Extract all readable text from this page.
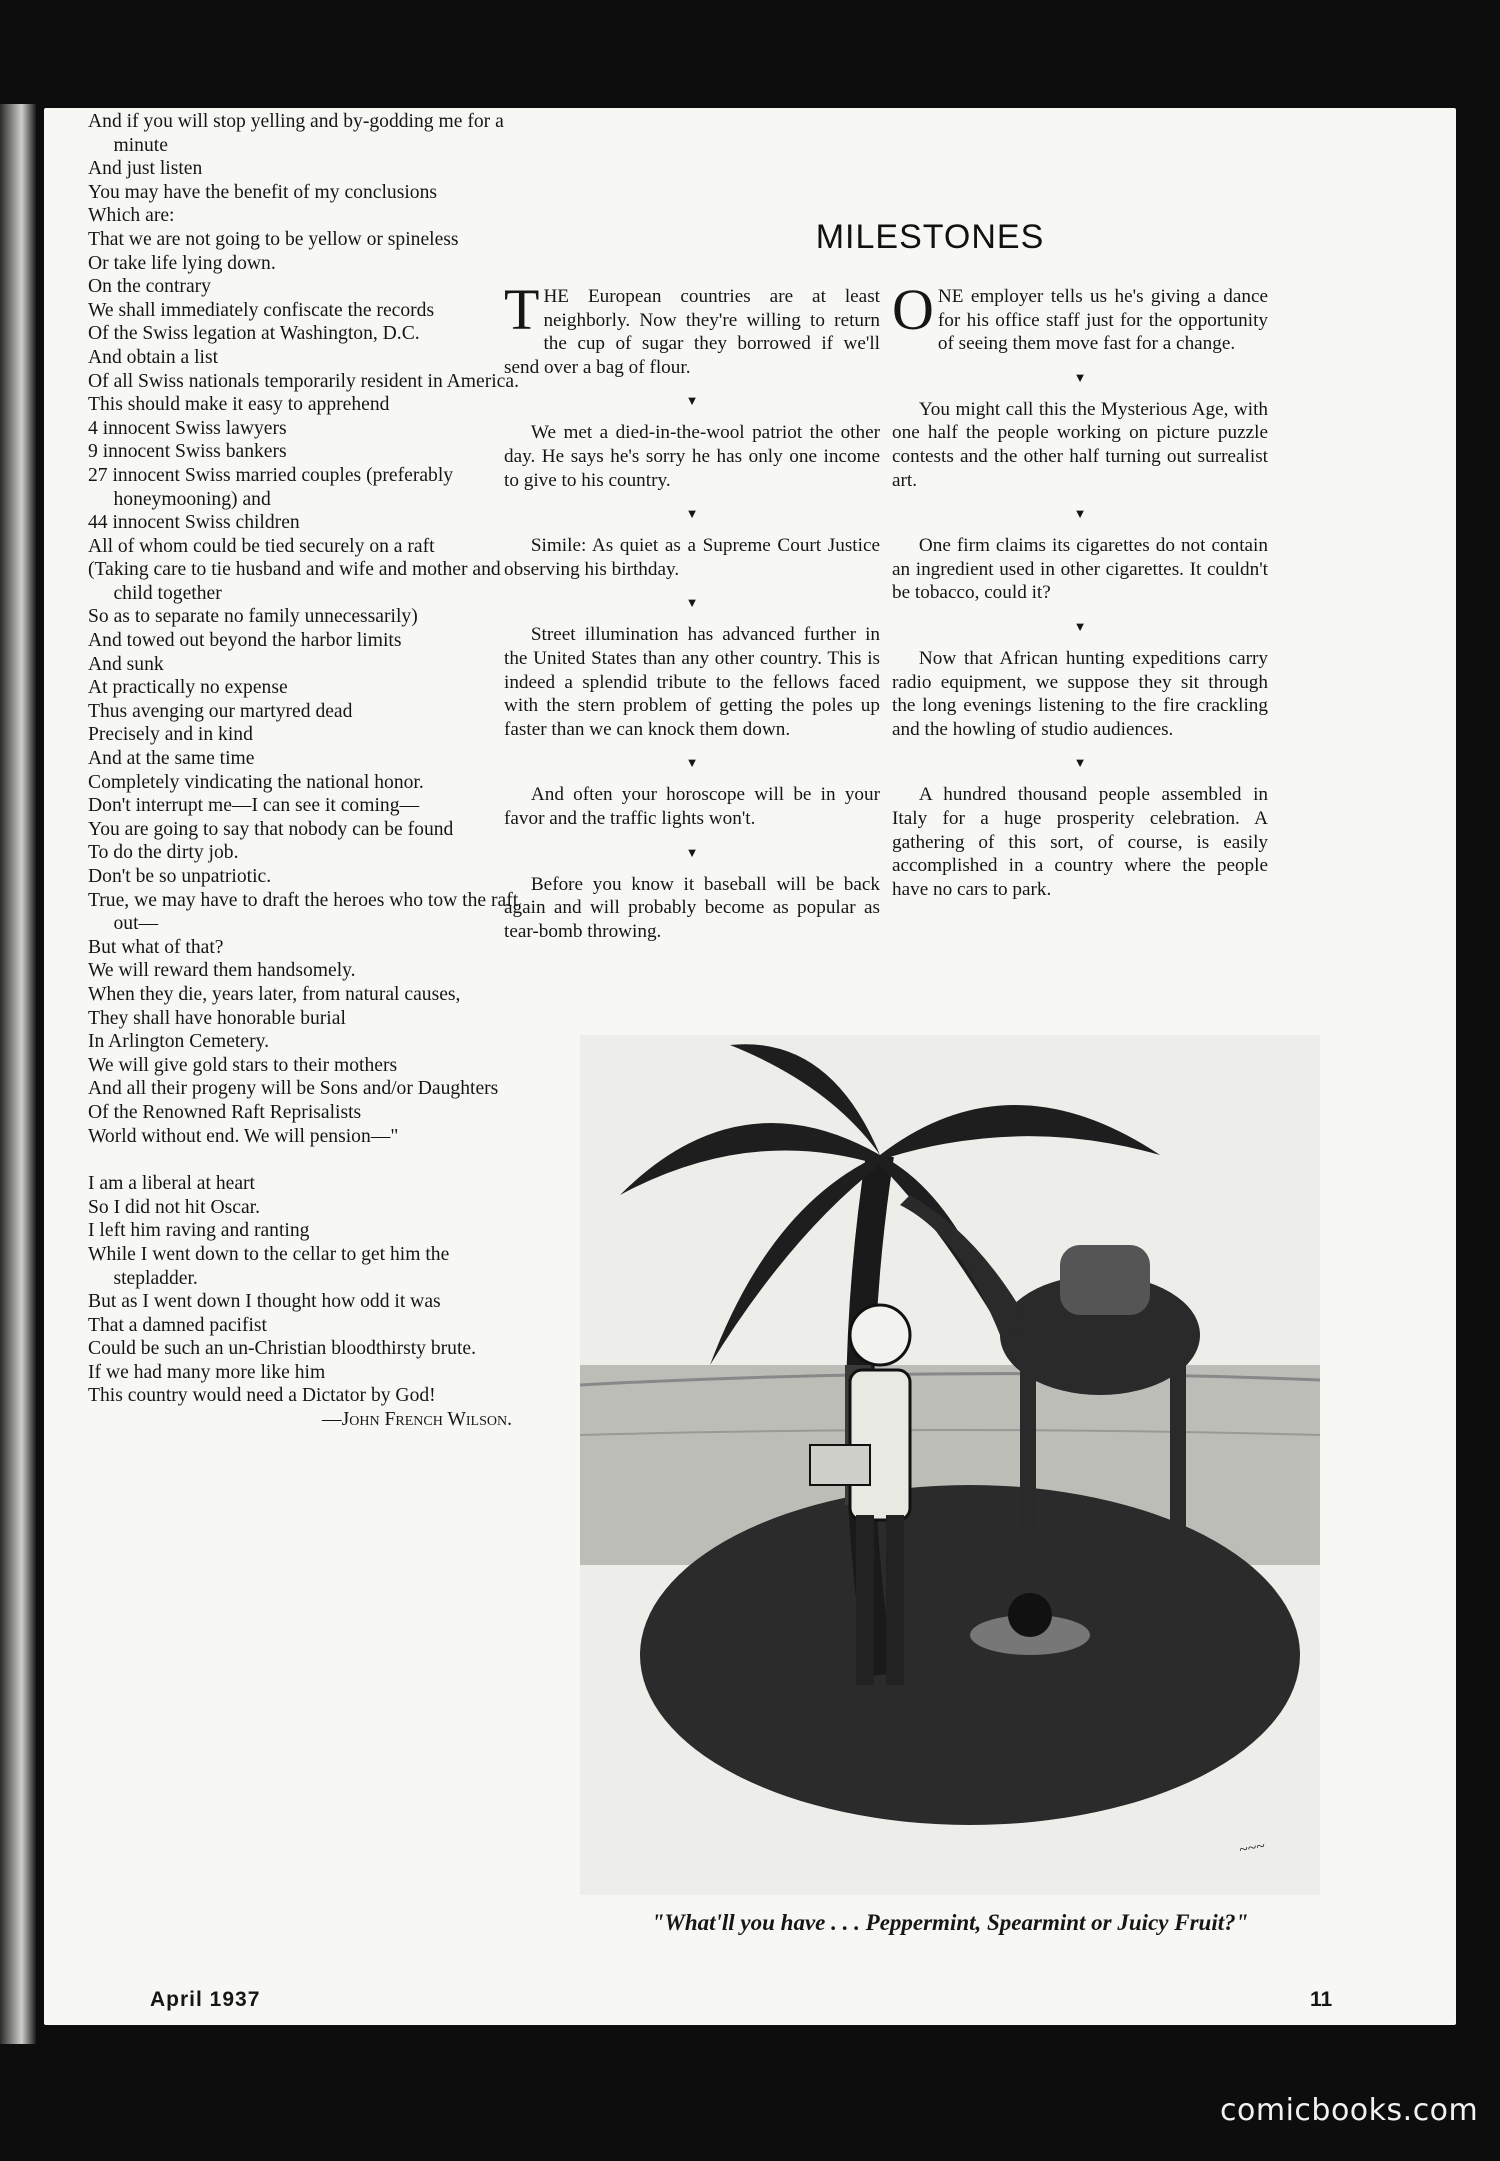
And if you will stop yelling and by-godding me for a minute
And just listen
You may have the benefit of my conclusions
Which are:
That we are not going to be yellow or spineless
Or take life lying down.
On the contrary
We shall immediately confiscate the records
Of the Swiss legation at Washington, D.C.
And obtain a list
Of all Swiss nationals temporarily resident in America.
This should make it easy to apprehend
4 innocent Swiss lawyers
9 innocent Swiss bankers
27 innocent Swiss married couples (preferably honeymooning) and
44 innocent Swiss children
All of whom could be tied securely on a raft
(Taking care to tie husband and wife and mother and child together
So as to separate no family unnecessarily)
And towed out beyond the harbor limits
And sunk
At practically no expense
Thus avenging our martyred dead
Precisely and in kind
And at the same time
Completely vindicating the national honor.
Don't interrupt me—I can see it coming—
You are going to say that nobody can be found
To do the dirty job.
Don't be so unpatriotic.
True, we may have to draft the heroes who tow the raft out—
But what of that?
We will reward them handsomely.
When they die, years later, from natural causes,
They shall have honorable burial
In Arlington Cemetery.
We will give gold stars to their mothers
And all their progeny will be Sons and/or Daughters
Of the Renowned Raft Reprisalists
World without end. We will pension—"
I am a liberal at heart
So I did not hit Oscar.
I left him raving and ranting
While I went down to the cellar to get him the stepladder.
But as I went down I thought how odd it was
That a damned pacifist
Could be such an un-Christian bloodthirsty brute.
If we had many more like him
This country would need a Dictator by God!
—John French Wilson.
MILESTONES

THE European countries are at least neighborly. Now they're willing to return the cup of sugar they borrowed if we'll send over a bag of flour.

▼

We met a died-in-the-wool patriot the other day. He says he's sorry he has only one income to give to his country.

▼

Simile: As quiet as a Supreme Court Justice observing his birthday.

▼

Street illumination has advanced further in the United States than any other country. This is indeed a splendid tribute to the fellows faced with the stern problem of getting the poles up faster than we can knock them down.

▼

And often your horoscope will be in your favor and the traffic lights won't.

▼

Before you know it baseball will be back again and will probably become as popular as tear-bomb throwing.

ONE employer tells us he's giving a dance for his office staff just for the opportunity of seeing them move fast for a change.

▼

You might call this the Mysterious Age, with one half the people working on picture puzzle contests and the other half turning out surrealist art.

▼

One firm claims its cigarettes do not contain an ingredient used in other cigarettes. It couldn't be tobacco, could it?

▼

Now that African hunting expeditions carry radio equipment, we suppose they sit through the long evenings listening to the fire crackling and the howling of studio audiences.

▼

A hundred thousand people assembled in Italy for a huge prosperity celebration. A gathering of this sort, of course, is easily accomplished in a country where the people have no cars to park.

~~~
"What'll you have . . . Peppermint, Spearmint or Juicy Fruit?"
April 1937	11
comicbooks.com
